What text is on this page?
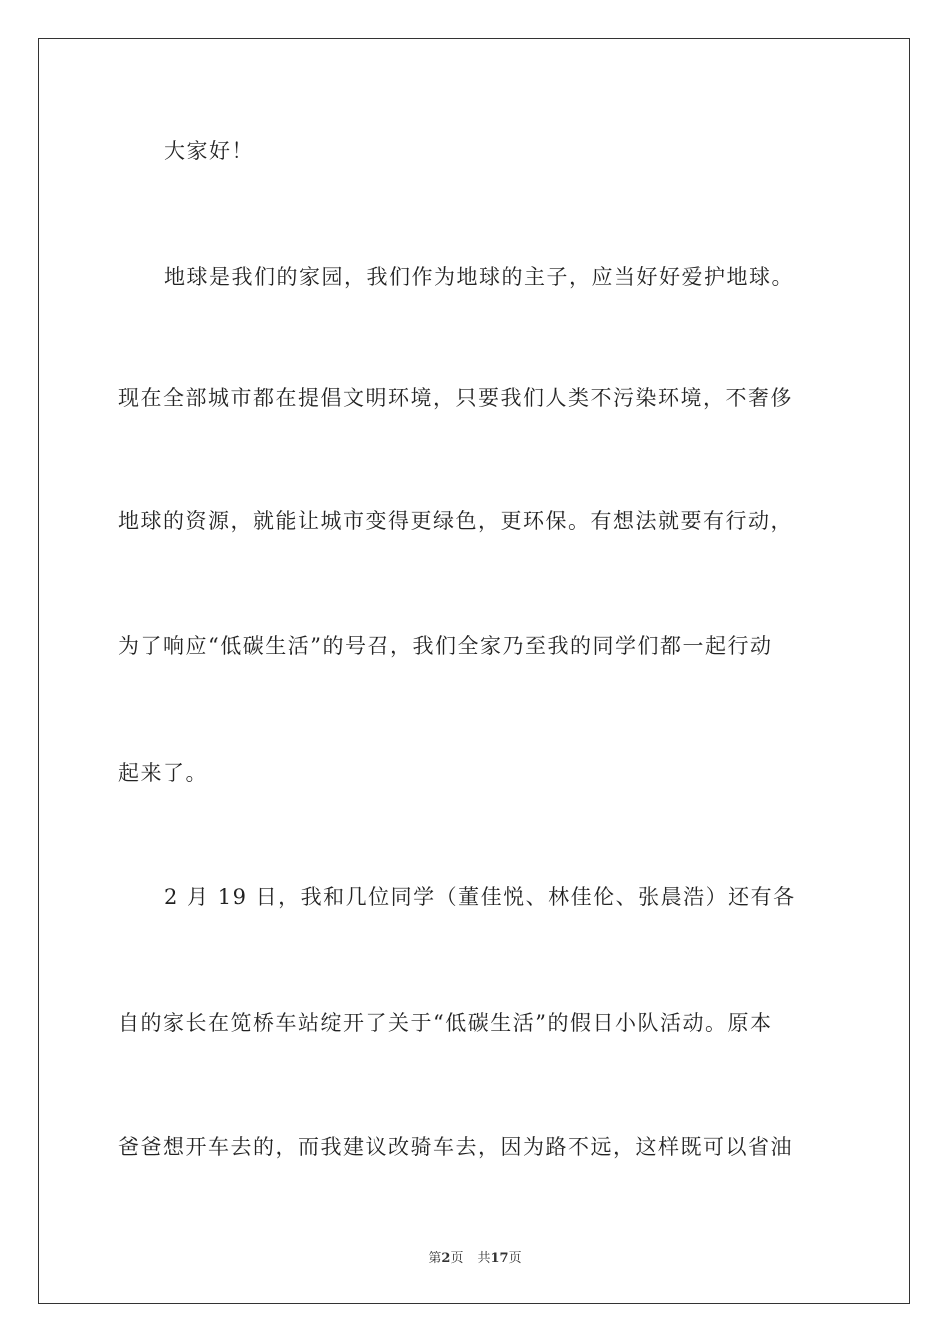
大家好！
地球是我们的家园，我们作为地球的主子，应当好好爱护地球。
现在全部城市都在提倡文明环境，只要我们人类不污染环境，不奢侈
地球的资源，就能让城市变得更绿色，更环保。有想法就要有行动，
为了响应“低碳生活”的号召，我们全家乃至我的同学们都一起行动
起来了。
2 月 19 日，我和几位同学（董佳悦、林佳伦、张晨浩）还有各
自的家长在笕桥车站绽开了关于“低碳生活”的假日小队活动。原本
爸爸想开车去的，而我建议改骑车去，因为路不远，这样既可以省油
第2页 共17页
